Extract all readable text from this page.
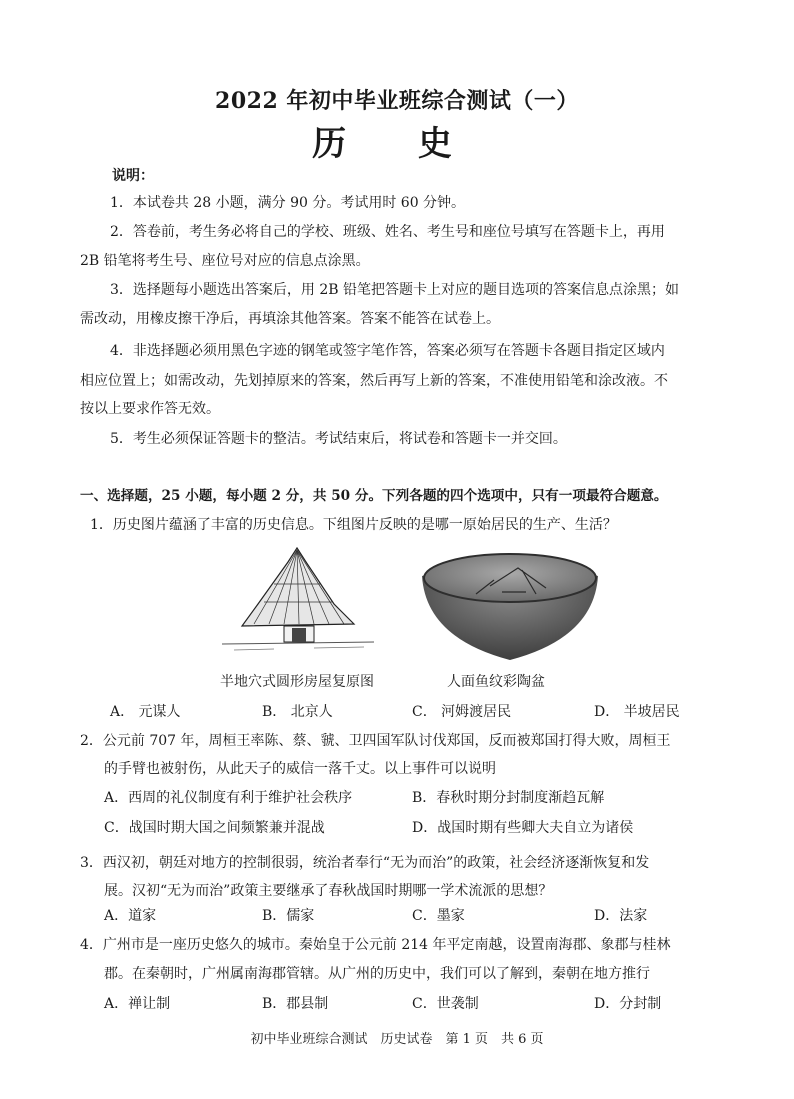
2022 年初中毕业班综合测试（一）
历 史
说明：
1．本试卷共 28 小题，满分 90 分。考试用时 60 分钟。
2．答卷前，考生务必将自己的学校、班级、姓名、考生号和座位号填写在答题卡上，再用
2B 铅笔将考生号、座位号对应的信息点涂黑。
3．选择题每小题选出答案后，用 2B 铅笔把答题卡上对应的题目选项的答案信息点涂黑；如
需改动，用橡皮擦干净后，再填涂其他答案。答案不能答在试卷上。
4．非选择题必须用黑色字迹的钢笔或签字笔作答，答案必须写在答题卡各题目指定区域内
相应位置上；如需改动，先划掉原来的答案，然后再写上新的答案，不准使用铅笔和涂改液。不
按以上要求作答无效。
5．考生必须保证答题卡的整洁。考试结束后，将试卷和答题卡一并交回。
一、选择题，25 小题，每小题 2 分，共 50 分。下列各题的四个选项中，只有一项最符合题意。
1．历史图片蕴涵了丰富的历史信息。下组图片反映的是哪一原始居民的生产、生活？
半地穴式圆形房屋复原图	人面鱼纹彩陶盆
A． 元谋人	B． 北京人	C． 河姆渡居民	D． 半坡居民
2．公元前 707 年，周桓王率陈、蔡、虢、卫四国军队讨伐郑国，反而被郑国打得大败，周桓王
的手臂也被射伤，从此天子的威信一落千丈。以上事件可以说明
A．西周的礼仪制度有利于维护社会秩序	B．春秋时期分封制度渐趋瓦解
C．战国时期大国之间频繁兼并混战	D．战国时期有些卿大夫自立为诸侯
3．西汉初，朝廷对地方的控制很弱，统治者奉行“无为而治”的政策，社会经济逐渐恢复和发
展。汉初“无为而治”政策主要继承了春秋战国时期哪一学术流派的思想？
A．道家	B．儒家	C．墨家	D．法家
4．广州市是一座历史悠久的城市。秦始皇于公元前 214 年平定南越，设置南海郡、象郡与桂林
郡。在秦朝时，广州属南海郡管辖。从广州的历史中，我们可以了解到，秦朝在地方推行
A．禅让制	B．郡县制	C．世袭制	D．分封制
初中毕业班综合测试　历史试卷　第 1 页　共 6 页
